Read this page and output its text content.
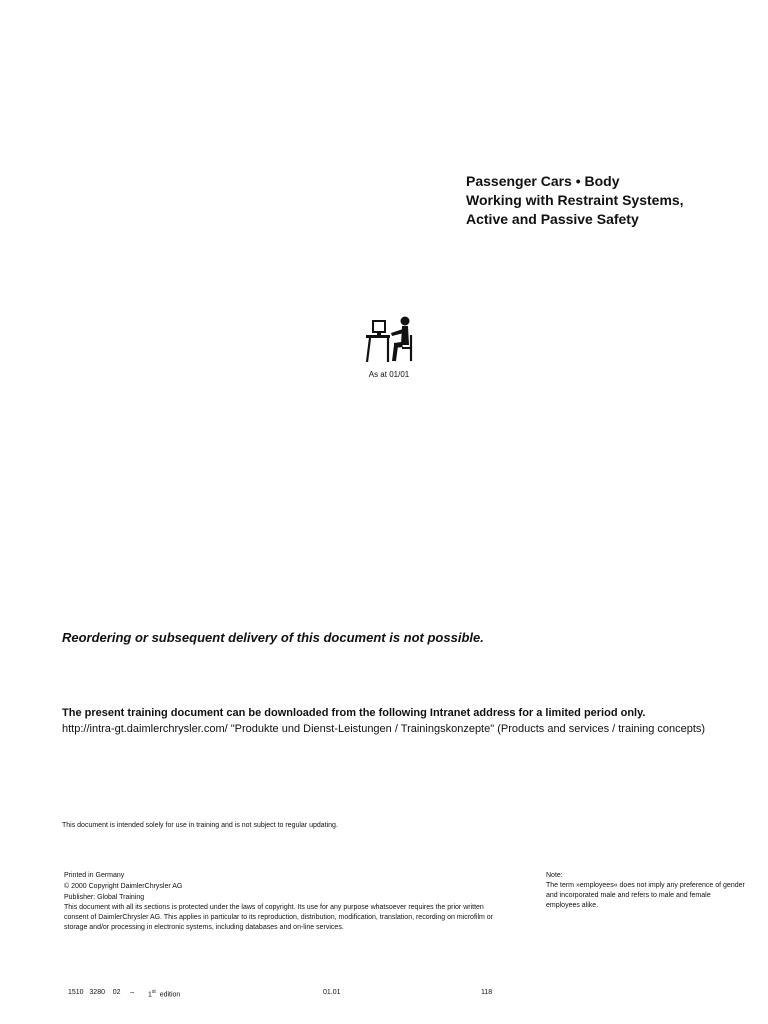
Passenger Cars • Body
Working with Restraint Systems,
Active and Passive Safety
As at 01/01
Reordering or subsequent delivery of this document is not possible.
The present training document can be downloaded from the following Intranet address for a limited period only.
http://intra-gt.daimlerchrysler.com/ "Produkte und Dienst-Leistungen / Trainingskonzepte" (Products and services / training concepts)
This document is intended solely for use in training and is not subject to regular updating.
Printed in Germany
© 2000 Copyright DaimlerChrysler AG
Publisher: Global Training
This document with all its sections is protected under the laws of copyright. Its use for any purpose whatsoever requires the prior written consent of DaimlerChrysler AG. This applies in particular to its reproduction, distribution, modification, translation, recording on microfilm or storage and/or processing in electronic systems, including databases and on-line services.
Note:
The term »employees« does not imply any preference of gender and incorporated male and refers to male and female employees alike.
1510   3280    02     – 1st edition	01.01	118
